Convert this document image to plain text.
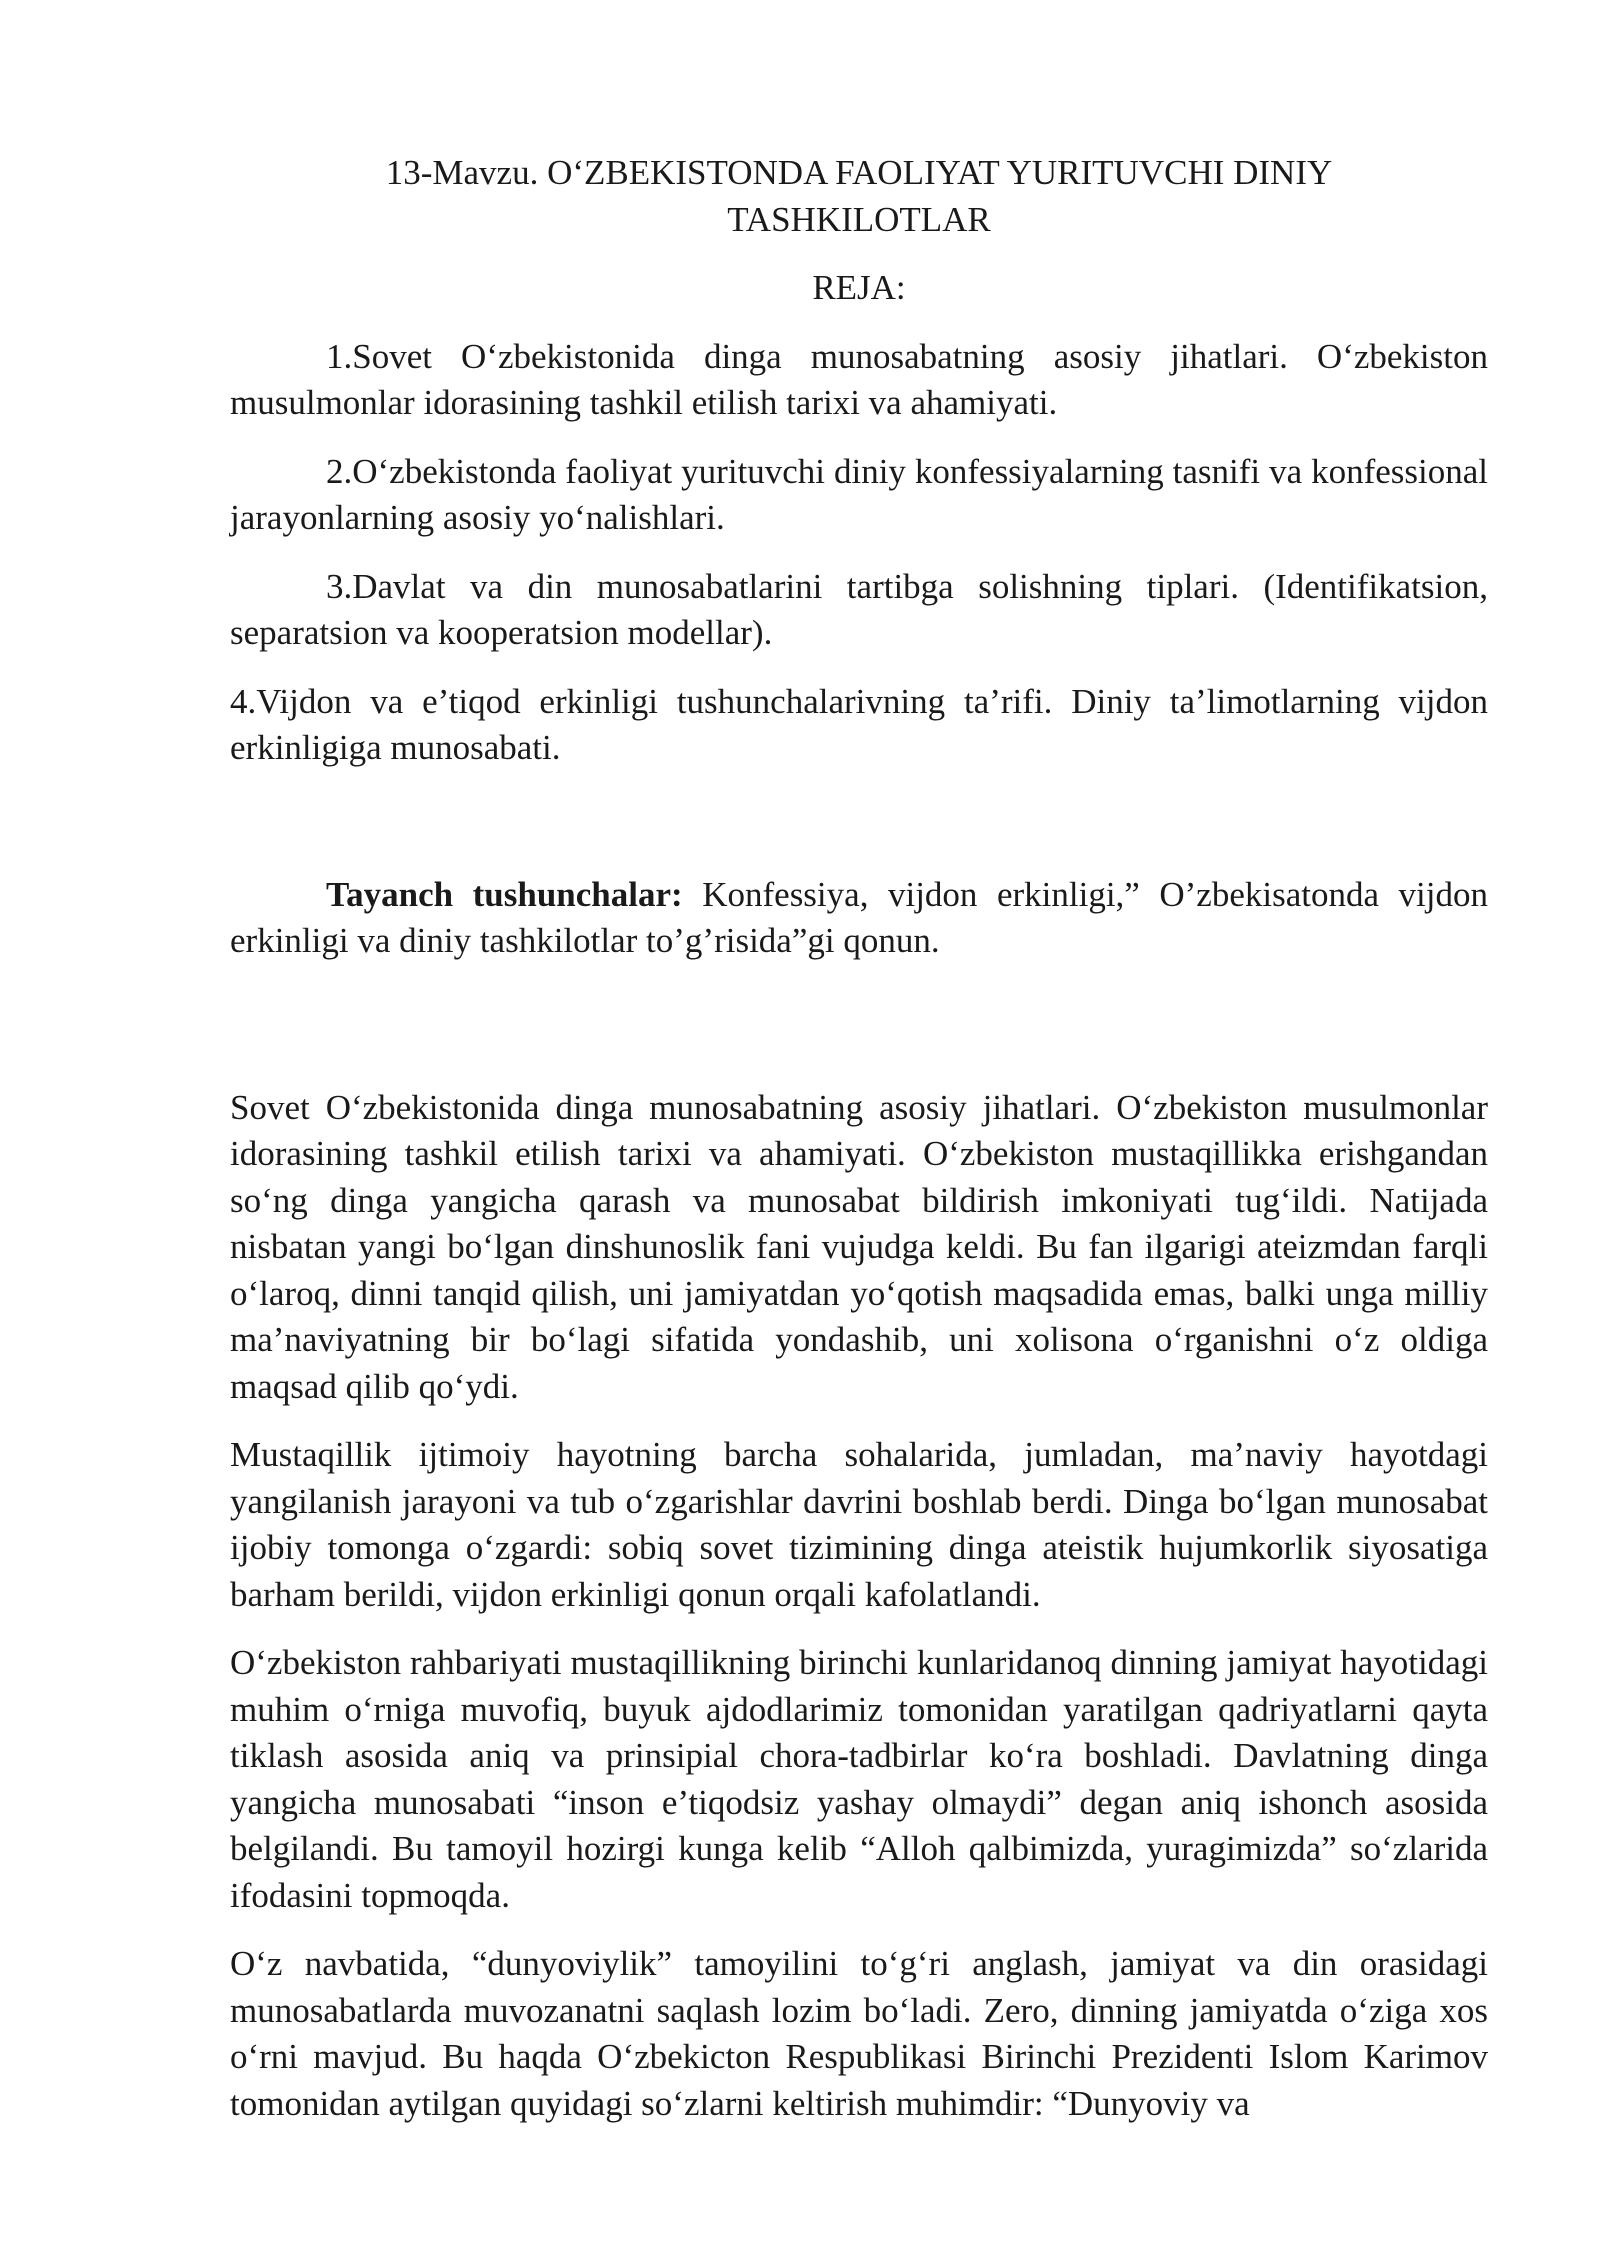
13-Mavzu. O‘ZBEKISTONDA FAOLIYAT YURITUVCHI DINIY
TASHKILOTLAR
REJA:

1.Sovet O‘zbekistonida dinga munosabatning asosiy jihatlari. O‘zbekiston musulmonlar idorasining tashkil etilish tarixi va ahamiyati.

2.O‘zbekistonda faoliyat yurituvchi diniy konfessiyalarning tasnifi va konfessional jarayonlarning asosiy yo‘nalishlari.

3.Davlat va din munosabatlarini tartibga solishning tiplari. (Identifikatsion, separatsion va kooperatsion modellar).

4.Vijdon va e’tiqod erkinligi tushunchalarivning ta’rifi. Diniy ta’limotlarning vijdon erkinligiga munosabati.

Tayanch tushunchalar: Konfessiya, vijdon erkinligi,” O’zbekisatonda vijdon erkinligi va diniy tashkilotlar to’g’risida”gi qonun.

Sovet O‘zbekistonida dinga munosabatning asosiy jihatlari. O‘zbekiston musulmonlar idorasining tashkil etilish tarixi va ahamiyati. O‘zbekiston mustaqillikka erishgandan so‘ng dinga yangicha qarash va munosabat bildirish imkoniyati tug‘ildi. Natijada nisbatan yangi bo‘lgan dinshunoslik fani vujudga keldi. Bu fan ilgarigi ateizmdan farqli o‘laroq, dinni tanqid qilish, uni jamiyatdan yo‘qotish maqsadida emas, balki unga milliy ma’naviyatning bir bo‘lagi sifatida yondashib, uni xolisona o‘rganishni o‘z oldiga maqsad qilib qo‘ydi.

Mustaqillik ijtimoiy hayotning barcha sohalarida, jumladan, ma’naviy hayotdagi yangilanish jarayoni va tub o‘zgarishlar davrini boshlab berdi. Dinga bo‘lgan munosabat ijobiy tomonga o‘zgardi: sobiq sovet tizimining dinga ateistik hujumkorlik siyosatiga barham berildi, vijdon erkinligi qonun orqali kafolatlandi.

O‘zbekiston rahbariyati mustaqillikning birinchi kunlaridanoq dinning jamiyat hayotidagi muhim o‘rniga muvofiq, buyuk ajdodlarimiz tomonidan yaratilgan qadriyatlarni qayta tiklash asosida aniq va prinsipial chora-tadbirlar ko‘ra boshladi. Davlatning dinga yangicha munosabati “inson e’tiqodsiz yashay olmaydi” degan aniq ishonch asosida belgilandi. Bu tamoyil hozirgi kunga kelib “Alloh qalbimizda, yuragimizda” so‘zlarida ifodasini topmoqda.

O‘z navbatida, “dunyoviylik” tamoyilini to‘g‘ri anglash, jamiyat va din orasidagi munosabatlarda muvozanatni saqlash lozim bo‘ladi. Zero, dinning jamiyatda o‘ziga xos o‘rni mavjud. Bu haqda O‘zbekicton Respublikasi Birinchi Prezidenti Islom Karimov tomonidan aytilgan quyidagi so‘zlarni keltirish muhimdir: “Dunyoviy va
